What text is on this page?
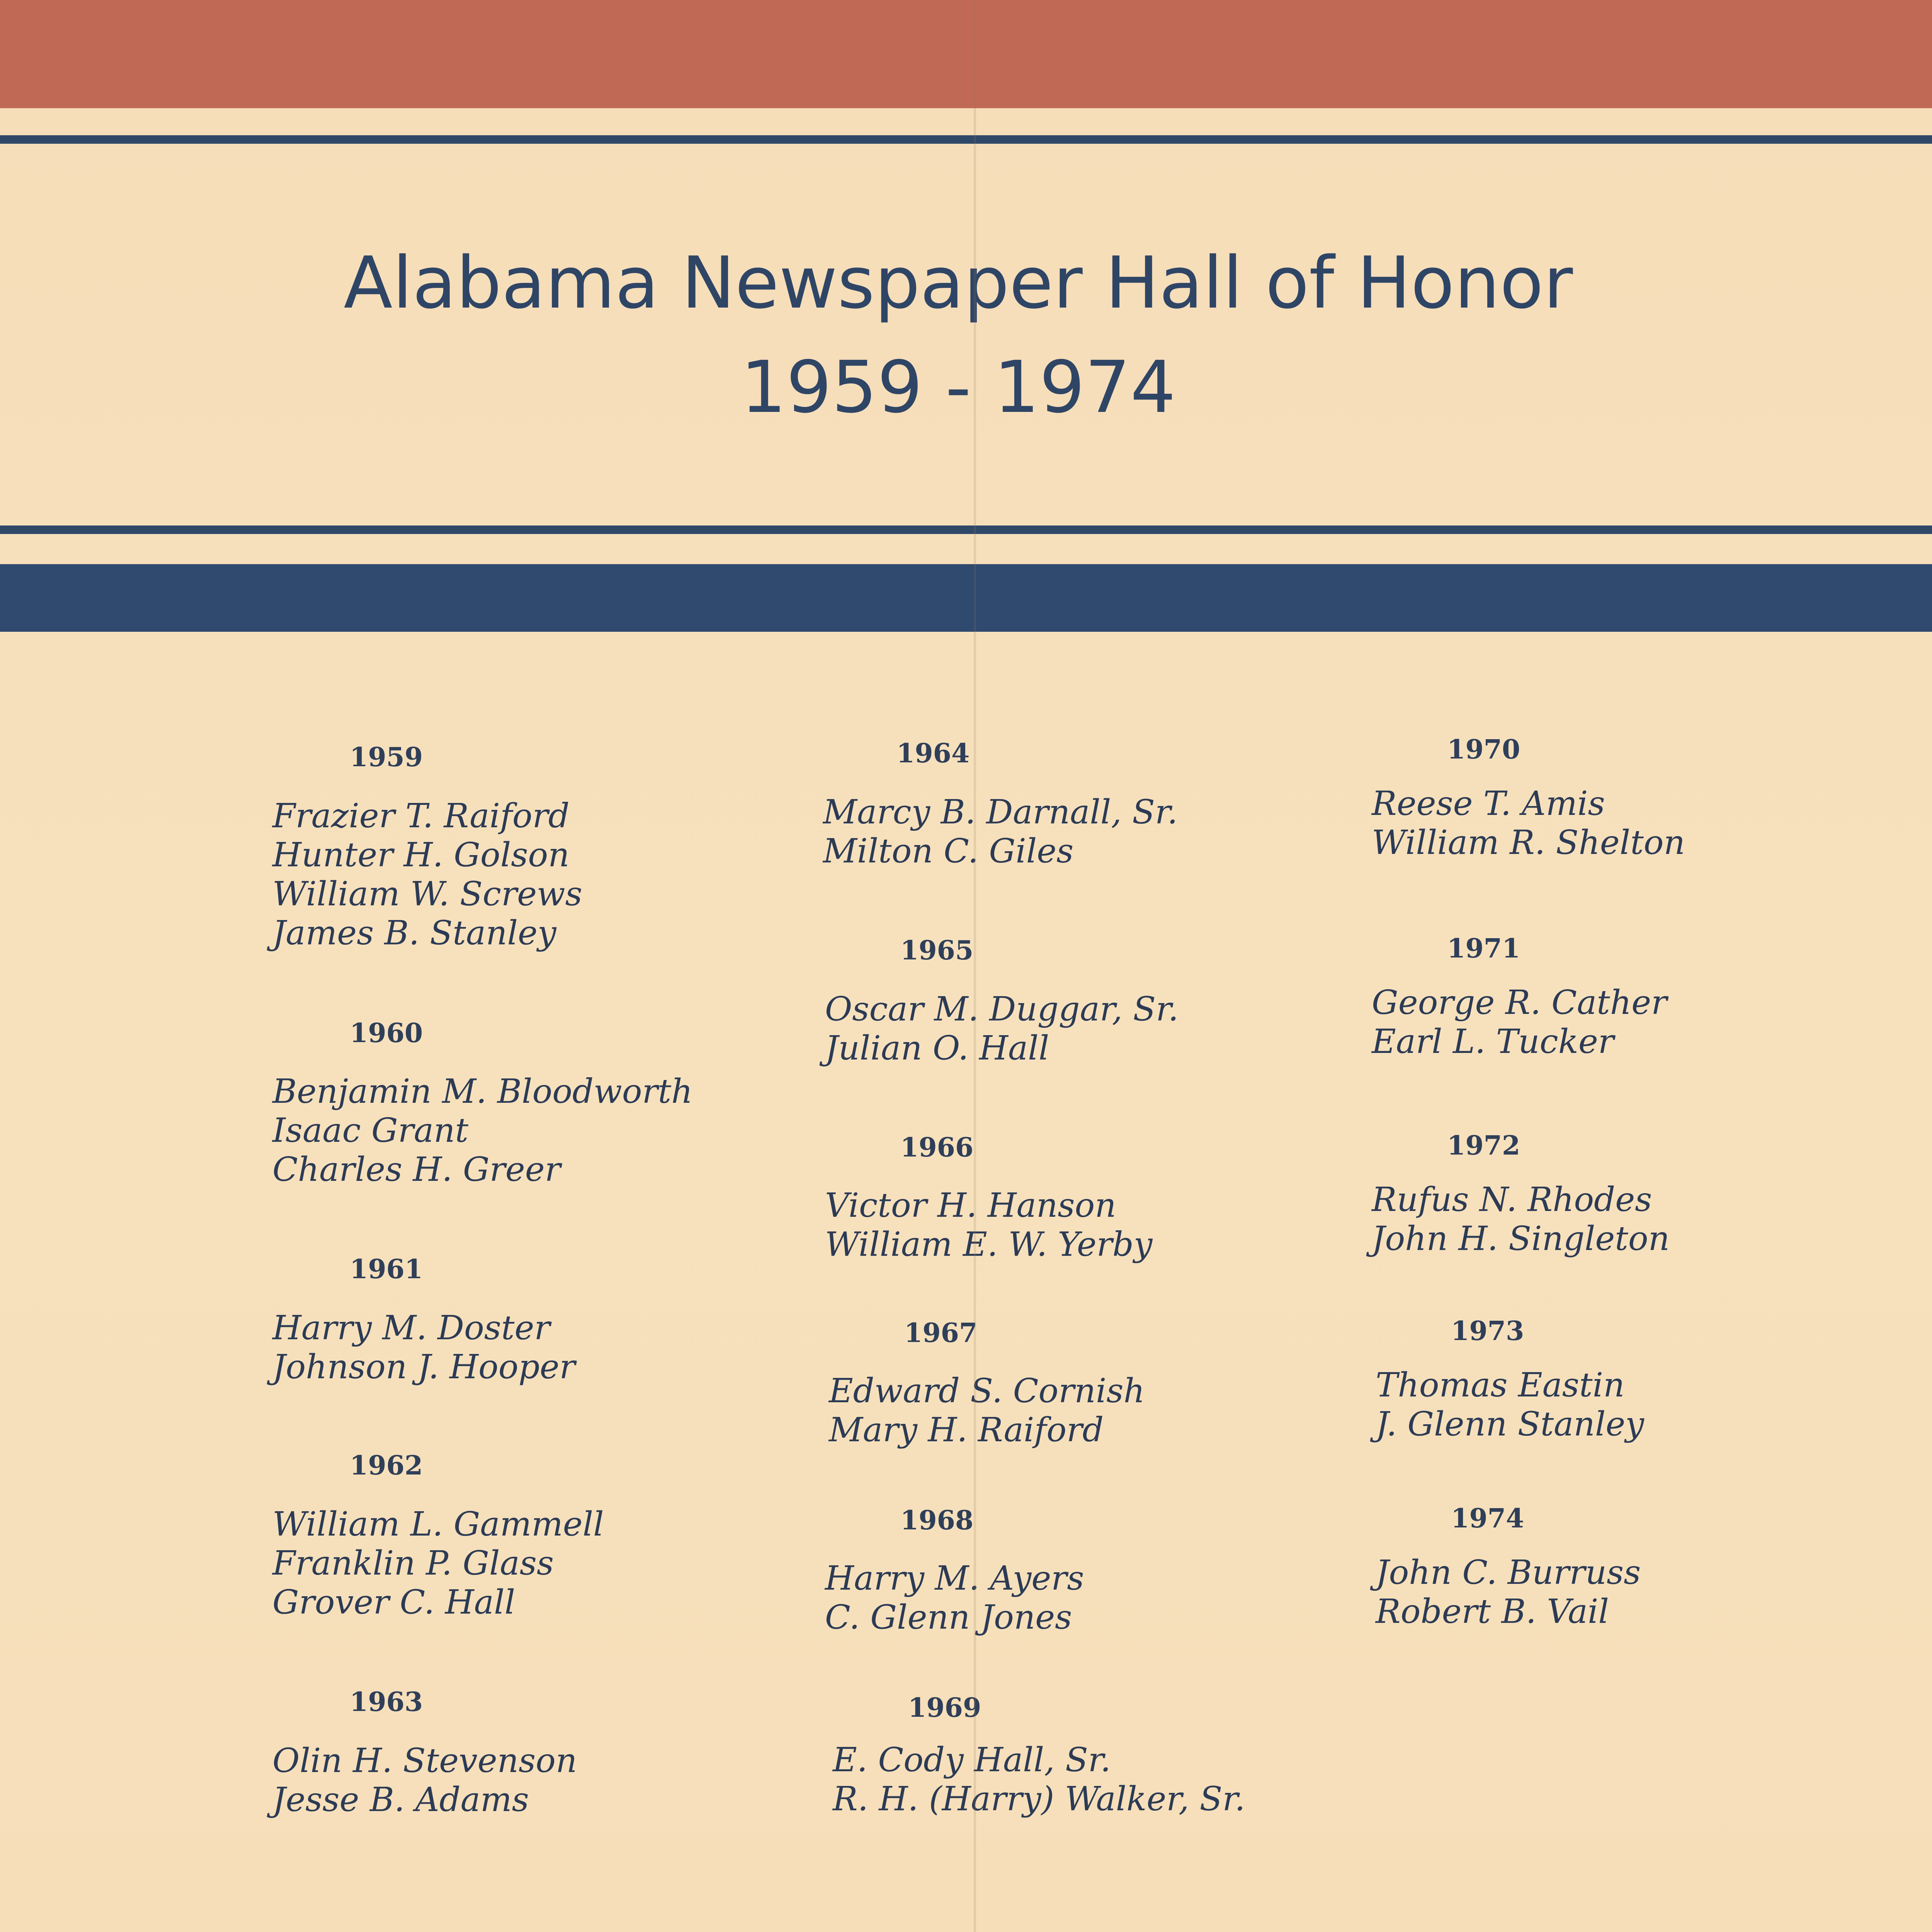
Alabama Newspaper Hall of Honor
1959 - 1974
1959
Frazier T. Raiford
Hunter H. Golson
William W. Screws
James B. Stanley
1960
Benjamin M. Bloodworth
Isaac Grant
Charles H. Greer
1961
Harry M. Doster
Johnson J. Hooper
1962
William L. Gammell
Franklin P. Glass
Grover C. Hall
1963
Olin H. Stevenson
Jesse B. Adams
1964
Marcy B. Darnall, Sr.
Milton C. Giles
1965
Oscar M. Duggar, Sr.
Julian O. Hall
1966
Victor H. Hanson
William E. W. Yerby
1967
Edward S. Cornish
Mary H. Raiford
1968
Harry M. Ayers
C. Glenn Jones
1969
E. Cody Hall, Sr.
R. H. (Harry) Walker, Sr.
1970
Reese T. Amis
William R. Shelton
1971
George R. Cather
Earl L. Tucker
1972
Rufus N. Rhodes
John H. Singleton
1973
Thomas Eastin
J. Glenn Stanley
1974
John C. Burruss
Robert B. Vail
